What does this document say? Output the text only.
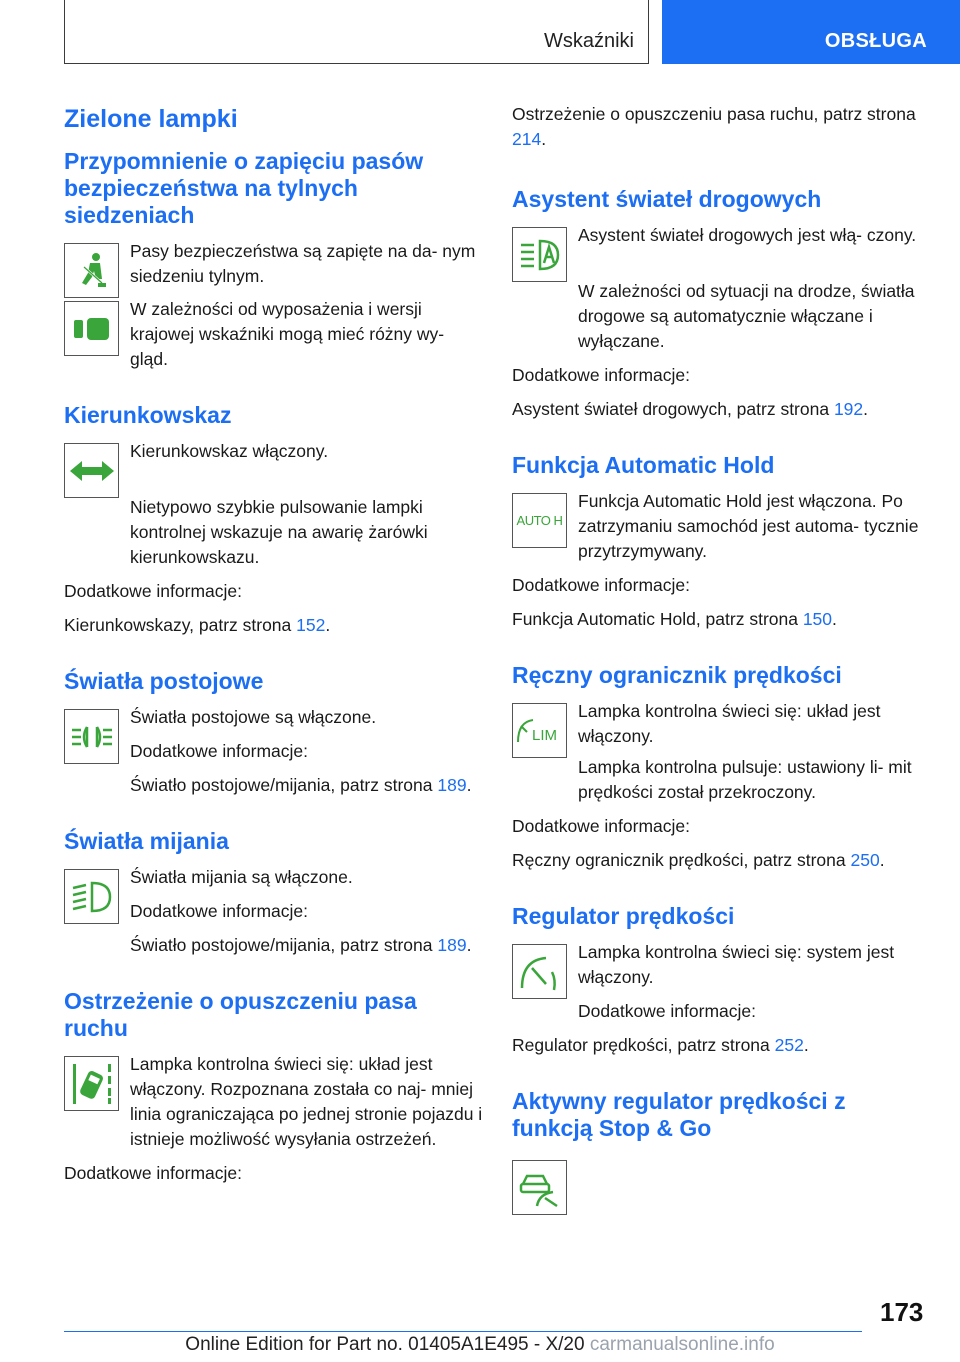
Wskaźniki	OBSŁUGA
Zielone lampki
Przypomnienie o zapięciu pasów bezpieczeństwa na tylnych siedzeniach

Pasy bezpieczeństwa są zapięte na da- nym siedzeniu tylnym.

W zależności od wyposażenia i wersji krajowej wskaźniki mogą mieć różny wy- gląd.

Kierunkowskaz

Kierunkowskaz włączony.

Nietypowo szybkie pulsowanie lampki kontrolnej wskazuje na awarię żarówki kierunkowskazu.

Dodatkowe informacje:

Kierunkowskazy, patrz strona 152.

Światła postojowe

Światła postojowe są włączone.

Dodatkowe informacje:

Światło postojowe/mijania, patrz strona 189.

Światła mijania

Światła mijania są włączone.

Dodatkowe informacje:

Światło postojowe/mijania, patrz strona 189.

Ostrzeżenie o opuszczeniu pasa ruchu

Lampka kontrolna świeci się: układ jest włączony. Rozpoznana została co naj- mniej linia ograniczająca po jednej stronie pojazdu i istnieje możliwość wysyłania ostrzeżeń.

Dodatkowe informacje:

Ostrzeżenie o opuszczeniu pasa ruchu, patrz strona 214.

Asystent świateł drogowych

Asystent świateł drogowych jest włą- czony.

W zależności od sytuacji na drodze, światła drogowe są automatycznie włączane i wyłączane.

Dodatkowe informacje:

Asystent świateł drogowych, patrz strona 192.

Funkcja Automatic Hold
AUTO H

Funkcja Automatic Hold jest włączona. Po zatrzymaniu samochód jest automa- tycznie przytrzymywany.

Dodatkowe informacje:

Funkcja Automatic Hold, patrz strona 150.

Ręczny ogranicznik prędkości
LIM

Lampka kontrolna świeci się: układ jest włączony.

Lampka kontrolna pulsuje: ustawiony li- mit prędkości został przekroczony.

Dodatkowe informacje:

Ręczny ogranicznik prędkości, patrz strona 250.

Regulator prędkości

Lampka kontrolna świeci się: system jest włączony.

Dodatkowe informacje:

Regulator prędkości, patrz strona 252.

Aktywny regulator prędkości z funkcją Stop & Go
173
Online Edition for Part no. 01405A1E495 - X/20 carmanualsonline.info
